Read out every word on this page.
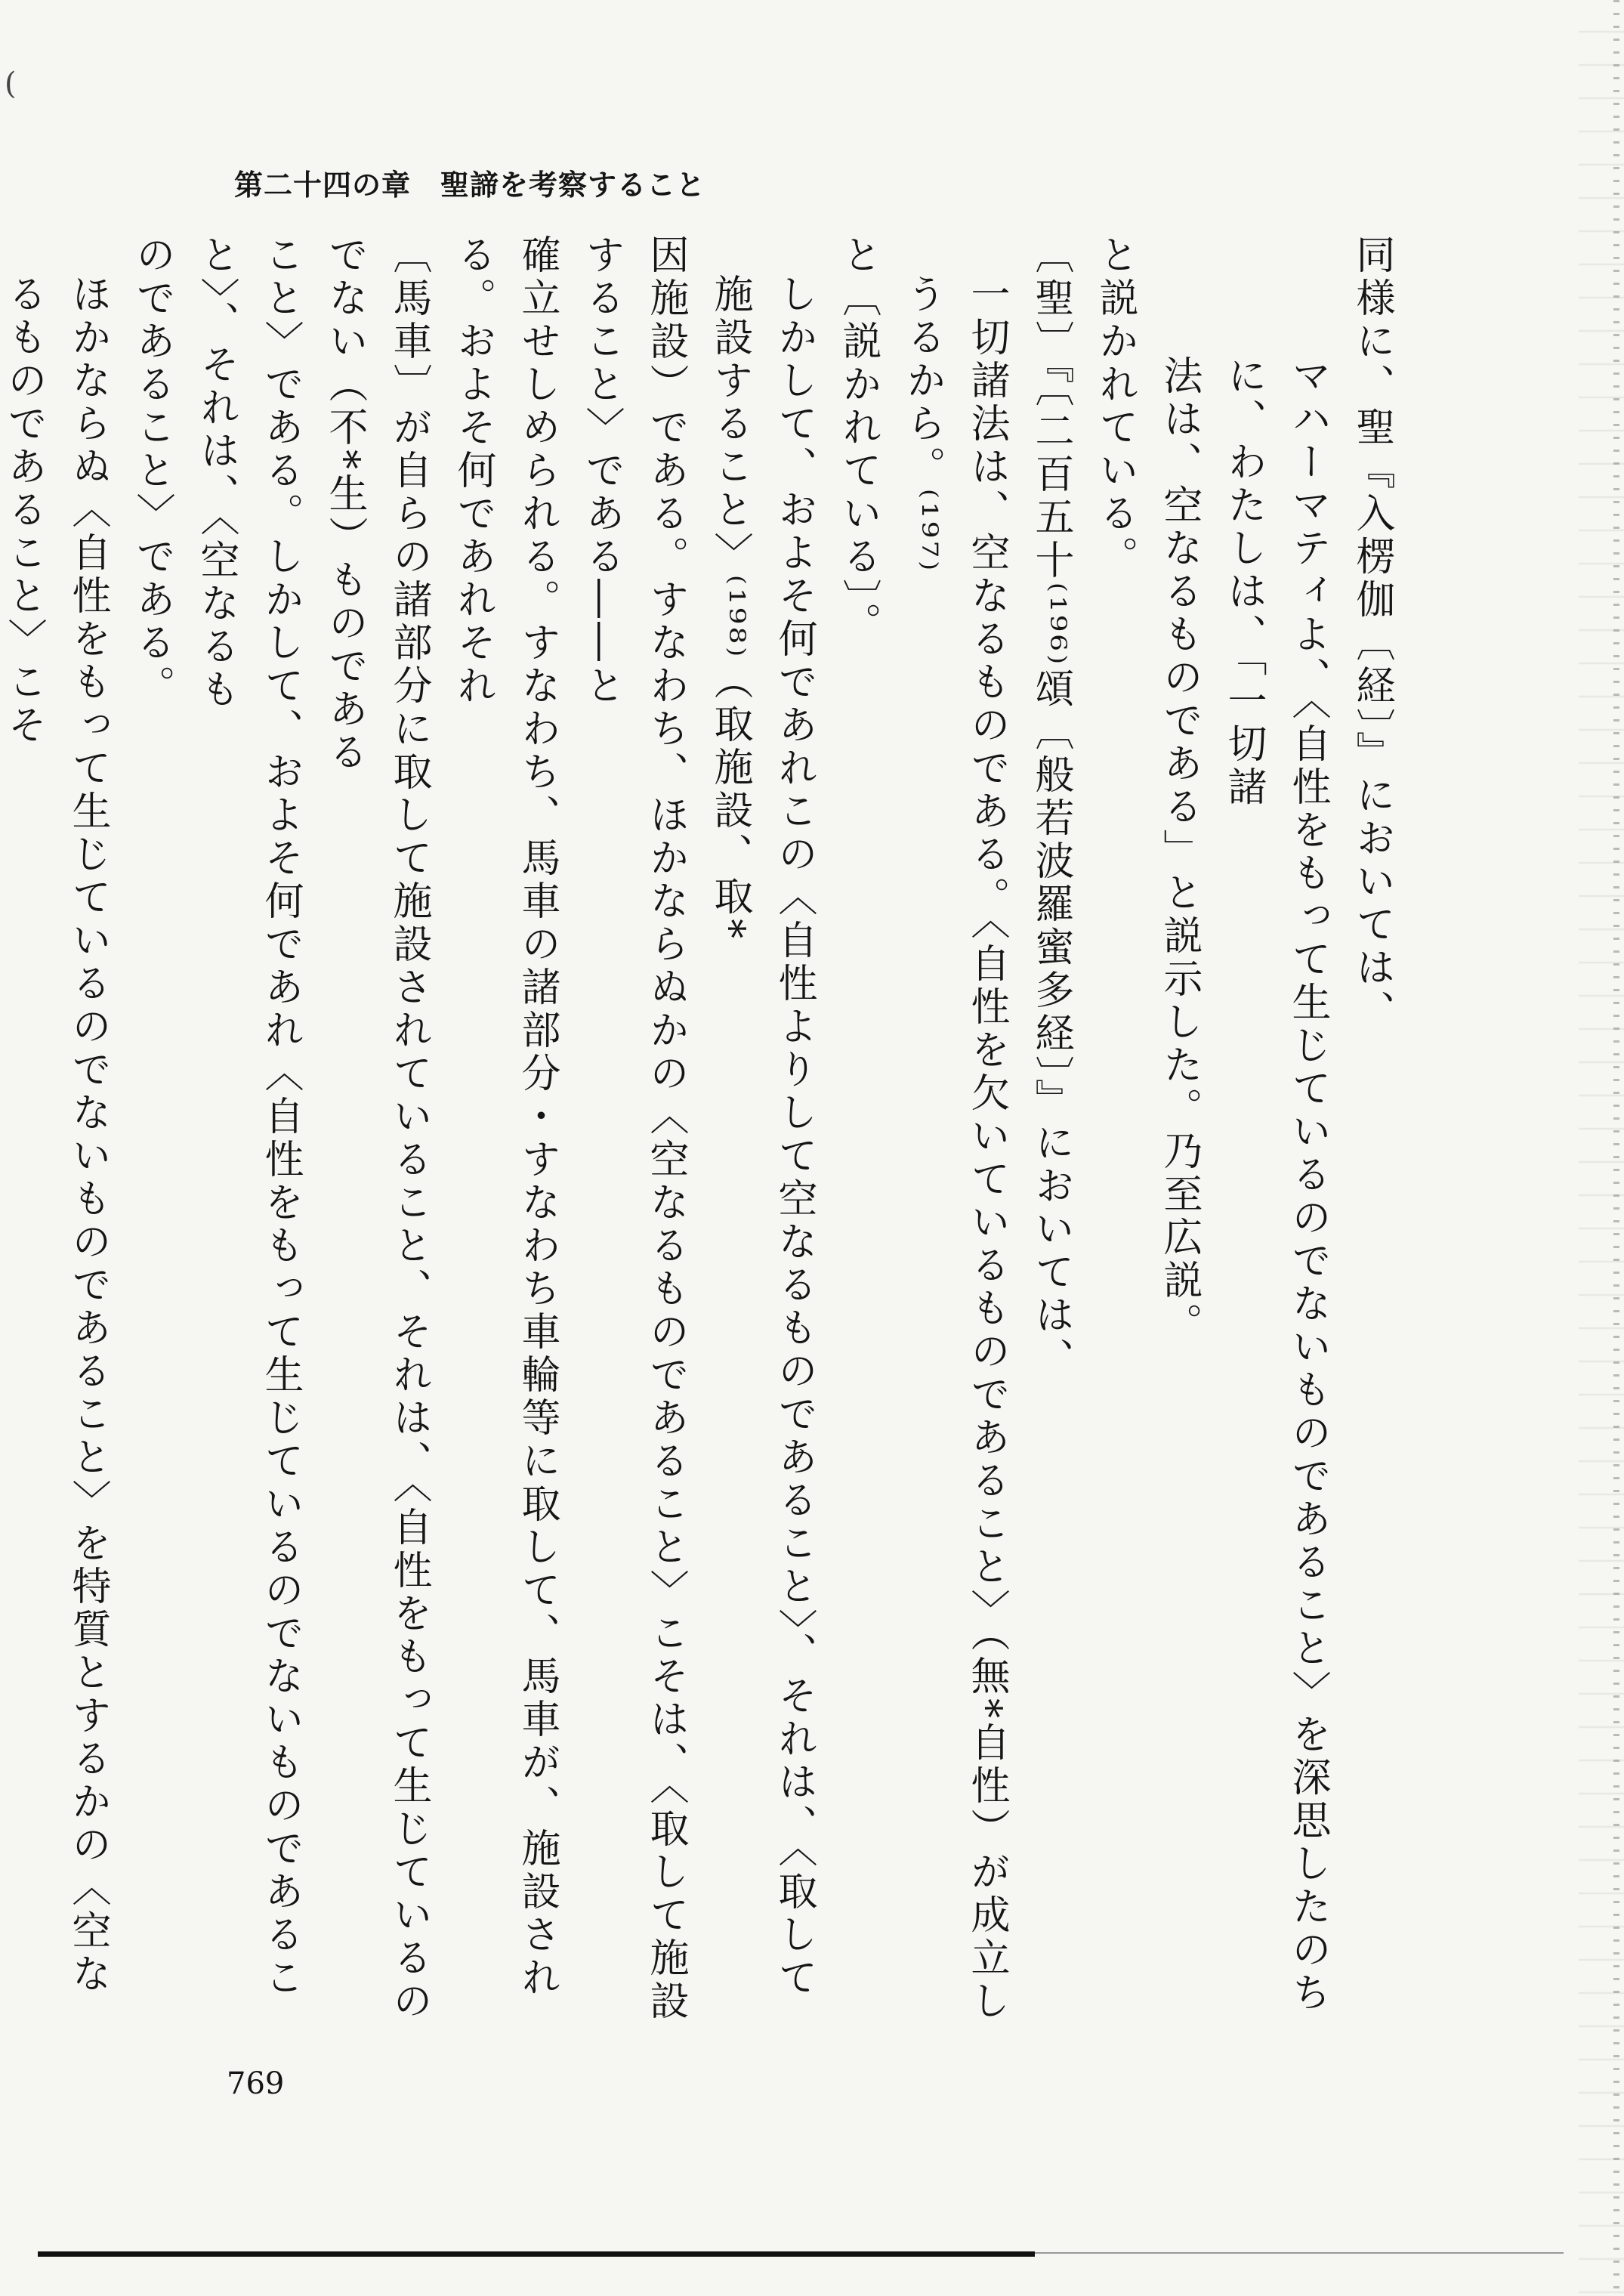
(
第二十四の章　聖諦を考察すること

同様に、聖『入楞伽〔経〕』においては、

マハーマティよ、〈自性をもって生じているのでないものであること〉を深思したのちに、わたしは、「一切諸

法は、空なるものである」と説示した。乃至広説。

と説かれている。

〔聖〕『〔二百五十⁽¹⁹⁶⁾頌〔般若波羅蜜多経〕』においては、

一切諸法は、空なるものである。〈自性を欠いているものであること〉（無*自性）が成立しうるから。⁽¹⁹⁷⁾

と〔説かれている〕。

しかして、およそ何であれこの〈自性よりして空なるものであること〉、それは、〈取して施設すること〉⁽¹⁹⁸⁾（取施設、取*

因施設）である。すなわち、ほかならぬかの〈空なるものであること〉こそは、〈取して施設すること〉である――と

確立せしめられる。すなわち、馬車の諸部分・すなわち車輪等に取して、馬車が、施設される。およそ何であれそれ

〔馬車〕が自らの諸部分に取して施設されていること、それは、〈自性をもって生じているのでない（不*生）ものである

こと〉である。しかして、およそ何であれ〈自性をもって生じているのでないものであること〉、それは、〈空なるも

のであること〉である。

ほかならぬ〈自性をもって生じているのでないものであること〉を特質とするかの〈空なるものであること〉こそ

769
